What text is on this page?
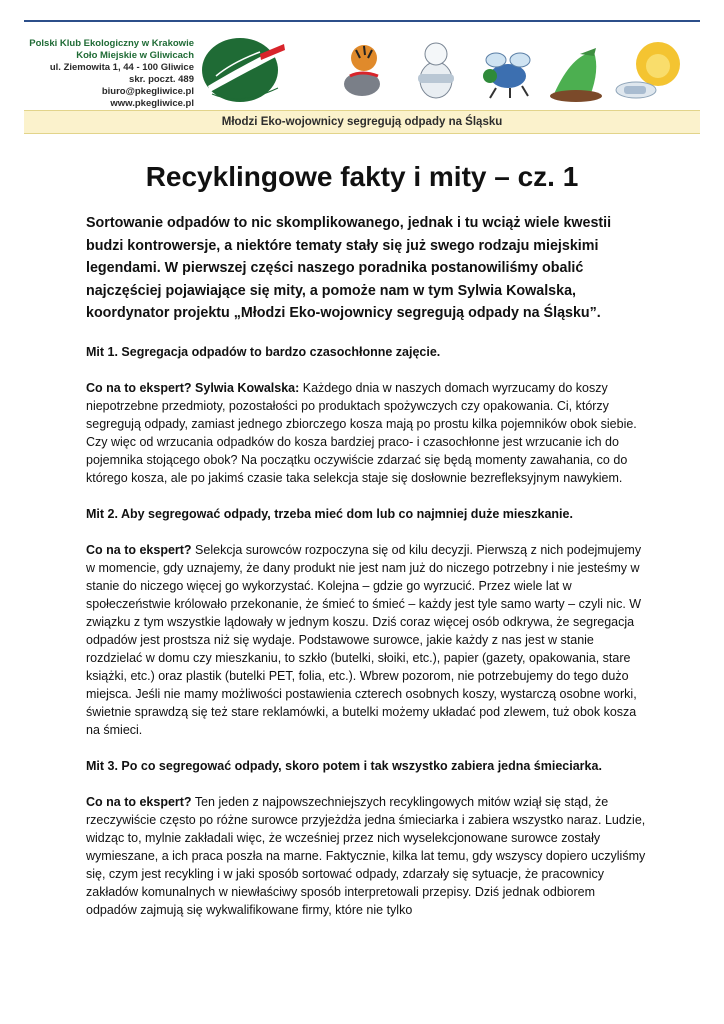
Polski Klub Ekologiczny w Krakowie
Koło Miejskie w Gliwicach
ul. Ziemowita 1, 44 - 100 Gliwice
skr. poczt. 489
biuro@pkegliwice.pl
www.pkegliwice.pl
Młodzi Eko-wojownicy segregują odpady na Śląsku
Recyklingowe fakty i mity – cz. 1

Sortowanie odpadów to nic skomplikowanego, jednak i tu wciąż wiele kwestii budzi kontrowersje, a niektóre tematy stały się już swego rodzaju miejskimi legendami. W pierwszej części naszego poradnika postanowiliśmy obalić najczęściej pojawiające się mity, a pomoże nam w tym Sylwia Kowalska, koordynator projektu „Młodzi Eko-wojownicy segregują odpady na Śląsku”.

Mit 1. Segregacja odpadów to bardzo czasochłonne zajęcie.

Co na to ekspert? Sylwia Kowalska: Każdego dnia w naszych domach wyrzucamy do koszy niepotrzebne przedmioty, pozostałości po produktach spożywczych czy opakowania. Ci, którzy segregują odpady, zamiast jednego zbiorczego kosza mają po prostu kilka pojemników obok siebie. Czy więc od wrzucania odpadków do kosza bardziej praco- i czasochłonne jest wrzucanie ich do pojemnika stojącego obok? Na początku oczywiście zdarzać się będą momenty zawahania, co do którego kosza, ale po jakimś czasie taka selekcja staje się dosłownie bezrefleksyjnym nawykiem.

Mit 2. Aby segregować odpady, trzeba mieć dom lub co najmniej duże mieszkanie.

Co na to ekspert? Selekcja surowców rozpoczyna się od kilu decyzji. Pierwszą z nich podejmujemy w momencie, gdy uznajemy, że dany produkt nie jest nam już do niczego potrzebny i nie jesteśmy w stanie do niczego więcej go wykorzystać. Kolejna – gdzie go wyrzucić. Przez wiele lat w społeczeństwie królowało przekonanie, że śmieć to śmieć – każdy jest tyle samo warty – czyli nic. W związku z tym wszystkie lądowały w jednym koszu. Dziś coraz więcej osób odkrywa, że segregacja odpadów jest prostsza niż się wydaje. Podstawowe surowce, jakie każdy z nas jest w stanie rozdzielać w domu czy mieszkaniu, to szkło (butelki, słoiki, etc.), papier (gazety, opakowania, stare książki, etc.) oraz plastik (butelki PET, folia, etc.). Wbrew pozorom, nie potrzebujemy do tego dużo miejsca. Jeśli nie mamy możliwości postawienia czterech osobnych koszy, wystarczą osobne worki, świetnie sprawdzą się też stare reklamówki, a butelki możemy układać pod zlewem, tuż obok kosza na śmieci.

Mit 3. Po co segregować odpady, skoro potem i tak wszystko zabiera jedna śmieciarka.

Co na to ekspert? Ten jeden z najpowszechniejszych recyklingowych mitów wziął się stąd, że rzeczywiście często po różne surowce przyjeżdża jedna śmieciarka i zabiera wszystko naraz. Ludzie, widząc to, mylnie zakładali więc, że wcześniej przez nich wyselekcjonowane surowce zostały wymieszane, a ich praca poszła na marne. Faktycznie, kilka lat temu, gdy wszyscy dopiero uczyliśmy się, czym jest recykling i w jaki sposób sortować odpady, zdarzały się sytuacje, że pracownicy zakładów komunalnych w niewłaściwy sposób interpretowali przepisy. Dziś jednak odbiorem odpadów zajmują się wykwalifikowane firmy, które nie tylko
